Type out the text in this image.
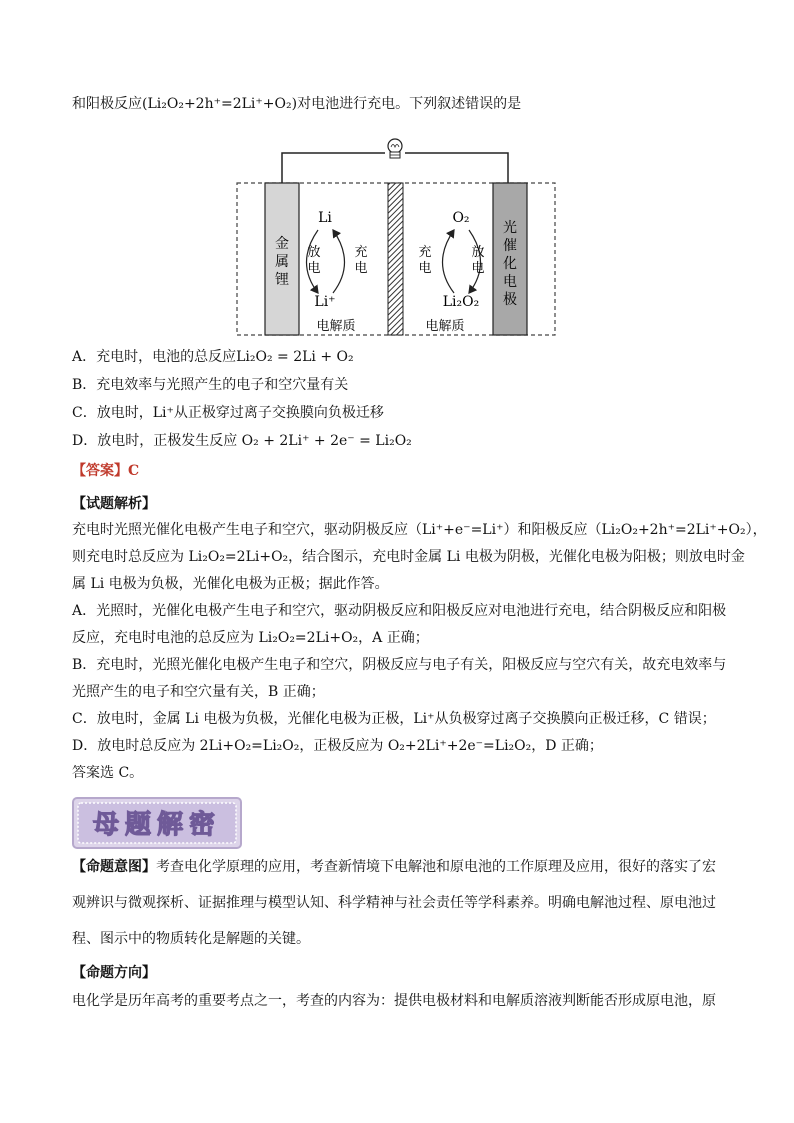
和阳极反应(Li₂O₂+2h⁺=2Li⁺+O₂)对电池进行充电。下列叙述错误的是
金
属
锂
光
催
化
电
极
Li
Li⁺
放
电
充
电
O₂
Li₂O₂
充
电
放
电
电解质	电解质
A．充电时，电池的总反应Li₂O₂ = 2Li + O₂
B．充电效率与光照产生的电子和空穴量有关
C．放电时，Li⁺从正极穿过离子交换膜向负极迁移
D．放电时，正极发生反应 O₂ + 2Li⁺ + 2e⁻ = Li₂O₂
【答案】C
【试题解析】
充电时光照光催化电极产生电子和空穴，驱动阴极反应（Li⁺+e⁻=Li⁺）和阳极反应（Li₂O₂+2h⁺=2Li⁺+O₂），
则充电时总反应为 Li₂O₂=2Li+O₂，结合图示，充电时金属 Li 电极为阴极，光催化电极为阳极；则放电时金
属 Li 电极为负极，光催化电极为正极；据此作答。
A．光照时，光催化电极产生电子和空穴，驱动阴极反应和阳极反应对电池进行充电，结合阴极反应和阳极
反应，充电时电池的总反应为 Li₂O₂=2Li+O₂，A 正确；
B．充电时，光照光催化电极产生电子和空穴，阴极反应与电子有关，阳极反应与空穴有关，故充电效率与
光照产生的电子和空穴量有关，B 正确；
C．放电时，金属 Li 电极为负极，光催化电极为正极，Li⁺从负极穿过离子交换膜向正极迁移，C 错误；
D．放电时总反应为 2Li+O₂=Li₂O₂，正极反应为 O₂+2Li⁺+2e⁻=Li₂O₂，D 正确；
答案选 C。
母题解密
【命题意图】考查电化学原理的应用，考查新情境下电解池和原电池的工作原理及应用，很好的落实了宏
观辨识与微观探析、证据推理与模型认知、科学精神与社会责任等学科素养。明确电解池过程、原电池过
程、图示中的物质转化是解题的关键。
【命题方向】
电化学是历年高考的重要考点之一，考查的内容为：提供电极材料和电解质溶液判断能否形成原电池，原
